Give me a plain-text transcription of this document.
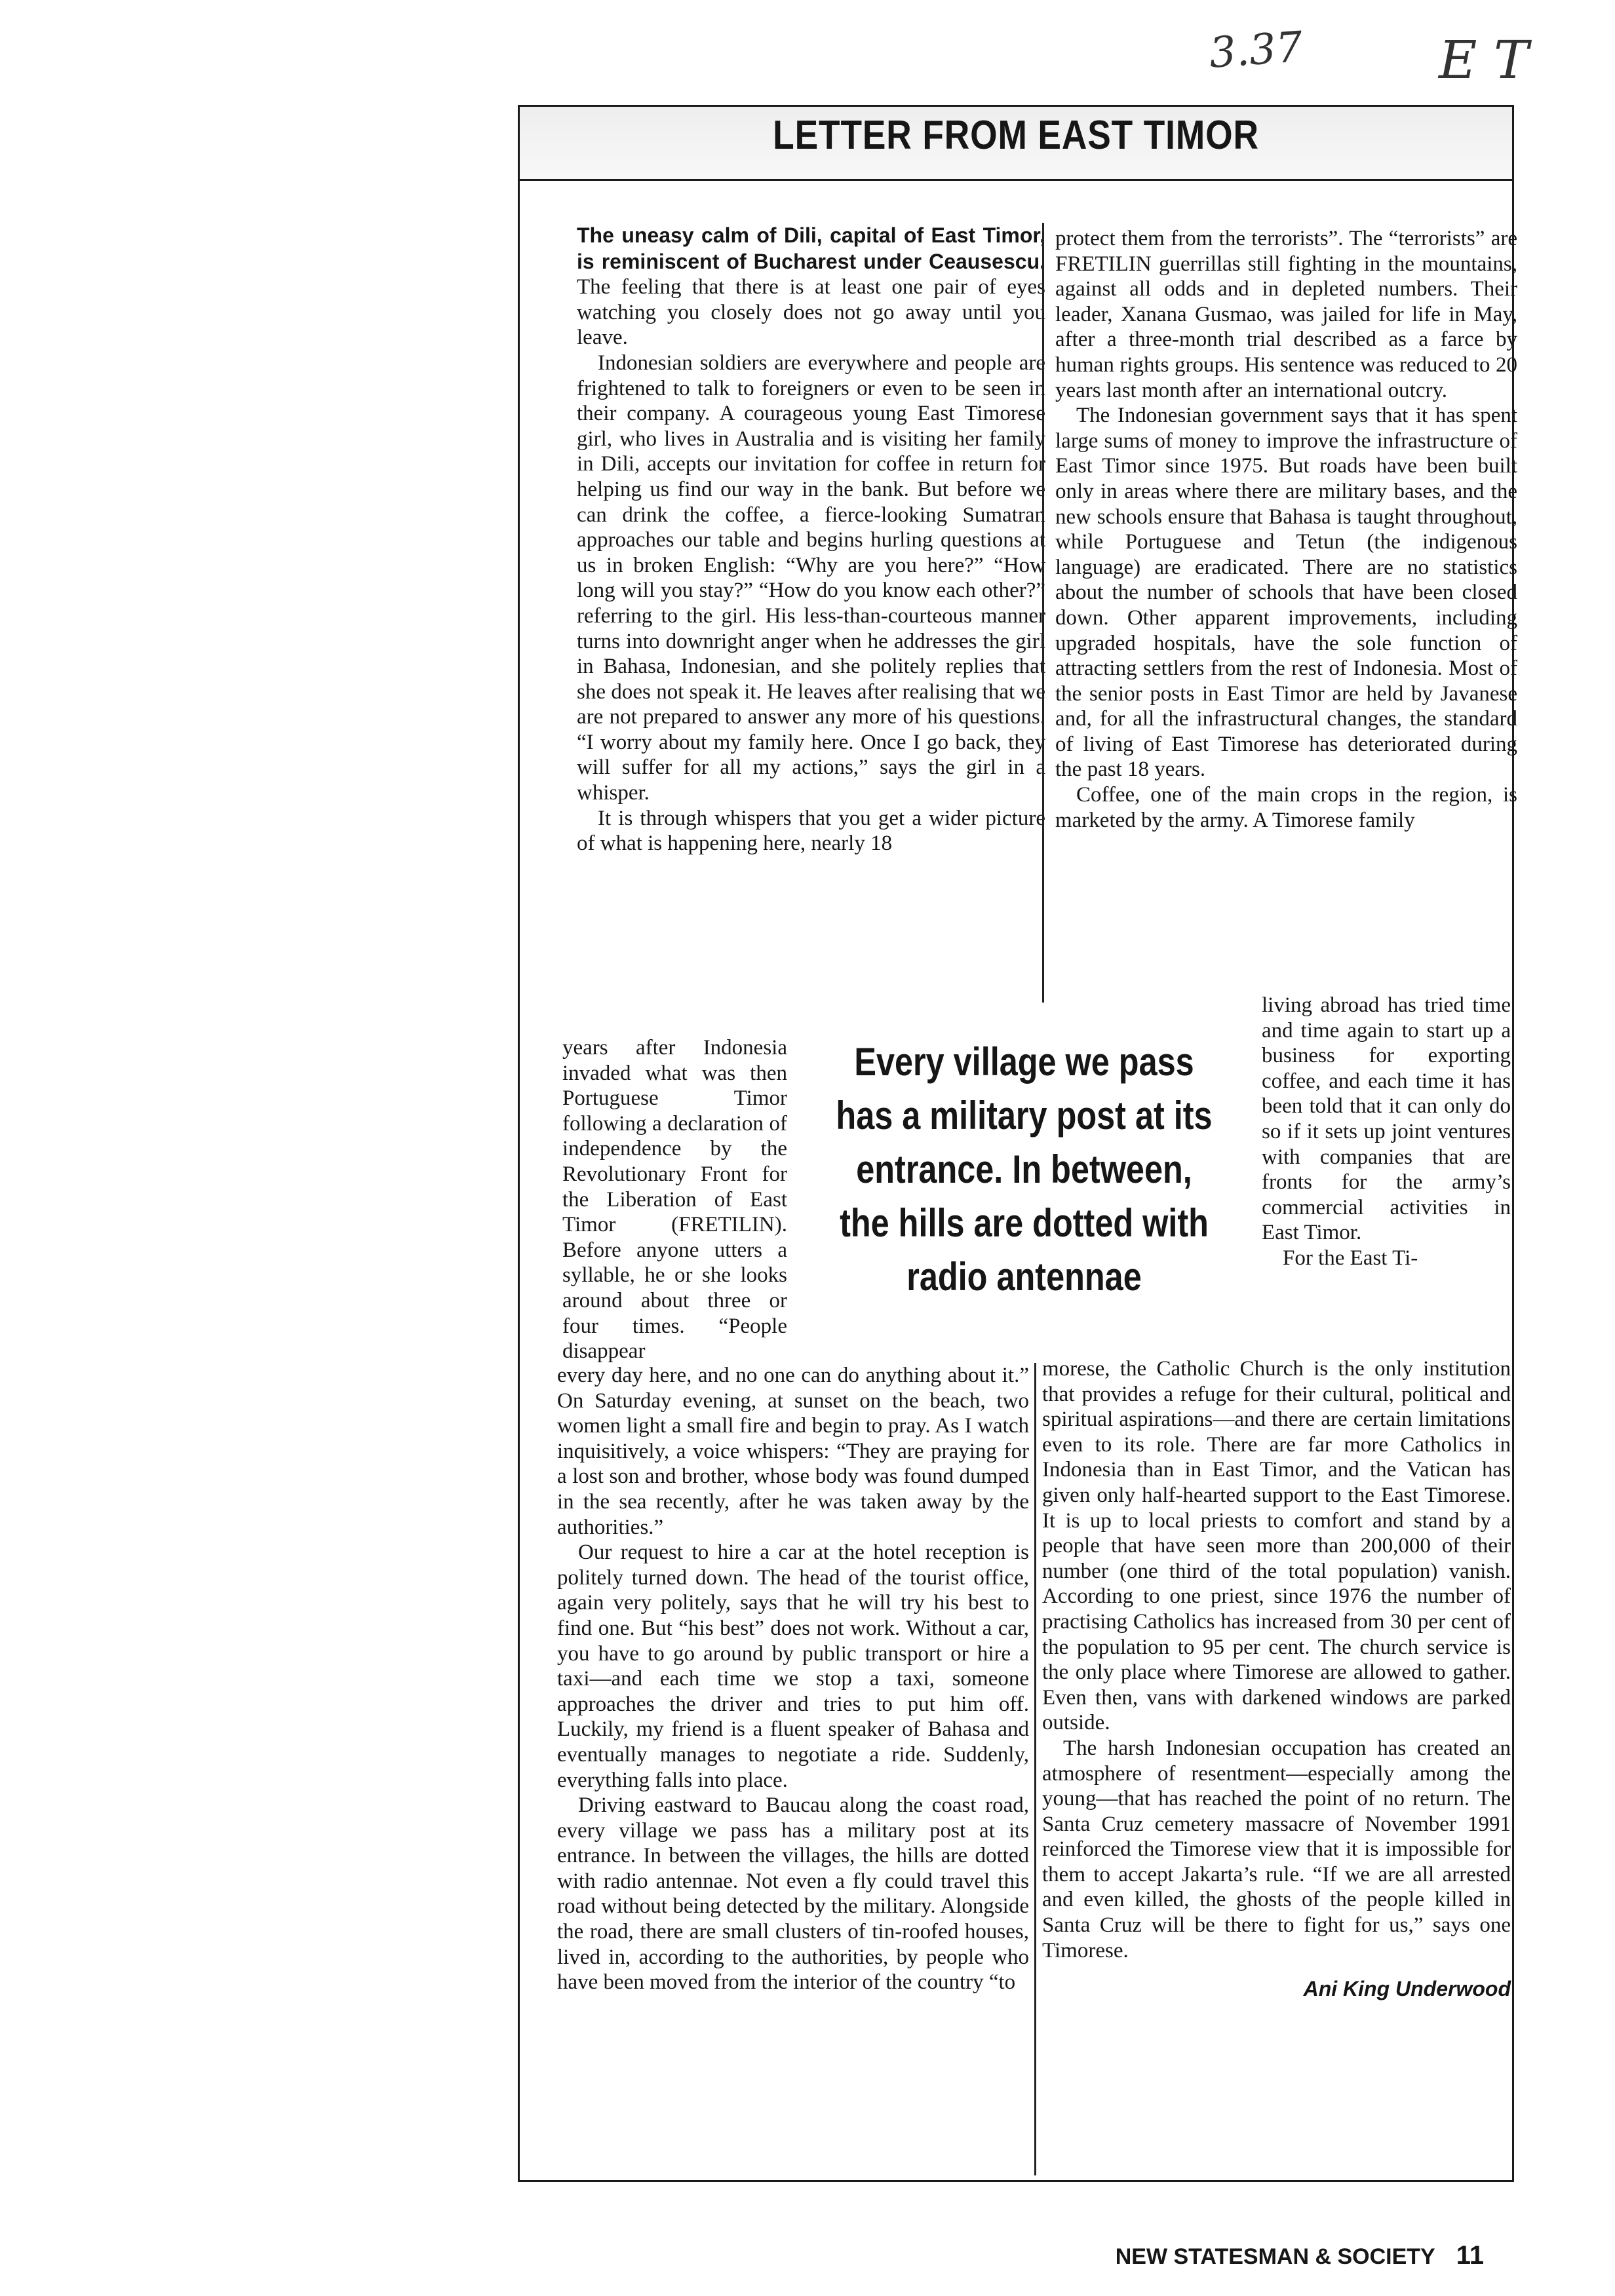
3.37	E T
LETTER FROM EAST TIMOR

The uneasy calm of Dili, capital of East Timor, is reminiscent of Bucharest under Ceausescu. The feeling that there is at least one pair of eyes watching you closely does not go away until you leave.

Indonesian soldiers are everywhere and people are frightened to talk to foreigners or even to be seen in their company. A courageous young East Timorese girl, who lives in Australia and is visiting her family in Dili, accepts our invitation for coffee in return for helping us find our way in the bank. But before we can drink the coffee, a fierce-looking Sumatran approaches our table and begins hurling questions at us in broken English: “Why are you here?” “How long will you stay?” “How do you know each other?” referring to the girl. His less-than-courteous manner turns into downright anger when he addresses the girl in Bahasa, Indonesian, and she politely replies that she does not speak it. He leaves after realising that we are not prepared to answer any more of his questions. “I worry about my family here. Once I go back, they will suffer for all my actions,” says the girl in a whisper.

It is through whispers that you get a wider picture of what is happening here, nearly 18

years after Indonesia invaded what was then Portuguese Timor following a declaration of independence by the Revolutionary Front for the Liberation of East Timor (FRETILIN). Before anyone utters a syllable, he or she looks around about three or four times. “People disappear

Every village we pass has a military post at its entrance. In between, the hills are dotted with radio antennae

every day here, and no one can do anything about it.” On Saturday evening, at sunset on the beach, two women light a small fire and begin to pray. As I watch inquisitively, a voice whispers: “They are praying for a lost son and brother, whose body was found dumped in the sea recently, after he was taken away by the authorities.”

Our request to hire a car at the hotel reception is politely turned down. The head of the tourist office, again very politely, says that he will try his best to find one. But “his best” does not work. Without a car, you have to go around by public transport or hire a taxi—and each time we stop a taxi, someone approaches the driver and tries to put him off. Luckily, my friend is a fluent speaker of Bahasa and eventually manages to negotiate a ride. Suddenly, everything falls into place.

Driving eastward to Baucau along the coast road, every village we pass has a military post at its entrance. In between the villages, the hills are dotted with radio antennae. Not even a fly could travel this road without being detected by the military. Alongside the road, there are small clusters of tin-roofed houses, lived in, according to the authorities, by people who have been moved from the interior of the country “to

protect them from the terrorists”. The “terrorists” are FRETILIN guerrillas still fighting in the mountains, against all odds and in depleted numbers. Their leader, Xanana Gusmao, was jailed for life in May, after a three-month trial described as a farce by human rights groups. His sentence was reduced to 20 years last month after an international outcry.

The Indonesian government says that it has spent large sums of money to improve the infrastructure of East Timor since 1975. But roads have been built only in areas where there are military bases, and the new schools ensure that Bahasa is taught throughout, while Portuguese and Tetun (the indigenous language) are eradicated. There are no statistics about the number of schools that have been closed down. Other apparent improvements, including upgraded hospitals, have the sole function of attracting settlers from the rest of Indonesia. Most of the senior posts in East Timor are held by Javanese and, for all the infrastructural changes, the standard of living of East Timorese has deteriorated during the past 18 years.

Coffee, one of the main crops in the region, is marketed by the army. A Timorese family

living abroad has tried time and time again to start up a business for exporting coffee, and each time it has been told that it can only do so if it sets up joint ventures with companies that are fronts for the army’s commercial activities in East Timor.

For the East Ti-

morese, the Catholic Church is the only institution that provides a refuge for their cultural, political and spiritual aspirations—and there are certain limitations even to its role. There are far more Catholics in Indonesia than in East Timor, and the Vatican has given only half-hearted support to the East Timorese. It is up to local priests to comfort and stand by a people that have seen more than 200,000 of their number (one third of the total population) vanish. According to one priest, since 1976 the number of practising Catholics has increased from 30 per cent of the population to 95 per cent. The church service is the only place where Timorese are allowed to gather. Even then, vans with darkened windows are parked outside.

The harsh Indonesian occupation has created an atmosphere of resentment—especially among the young—that has reached the point of no return. The Santa Cruz cemetery massacre of November 1991 reinforced the Timorese view that it is impossible for them to accept Jakarta’s rule. “If we are all arrested and even killed, the ghosts of the people killed in Santa Cruz will be there to fight for us,” says one Timorese.

Ani King Underwood
NEW STATESMAN & SOCIETY 11
